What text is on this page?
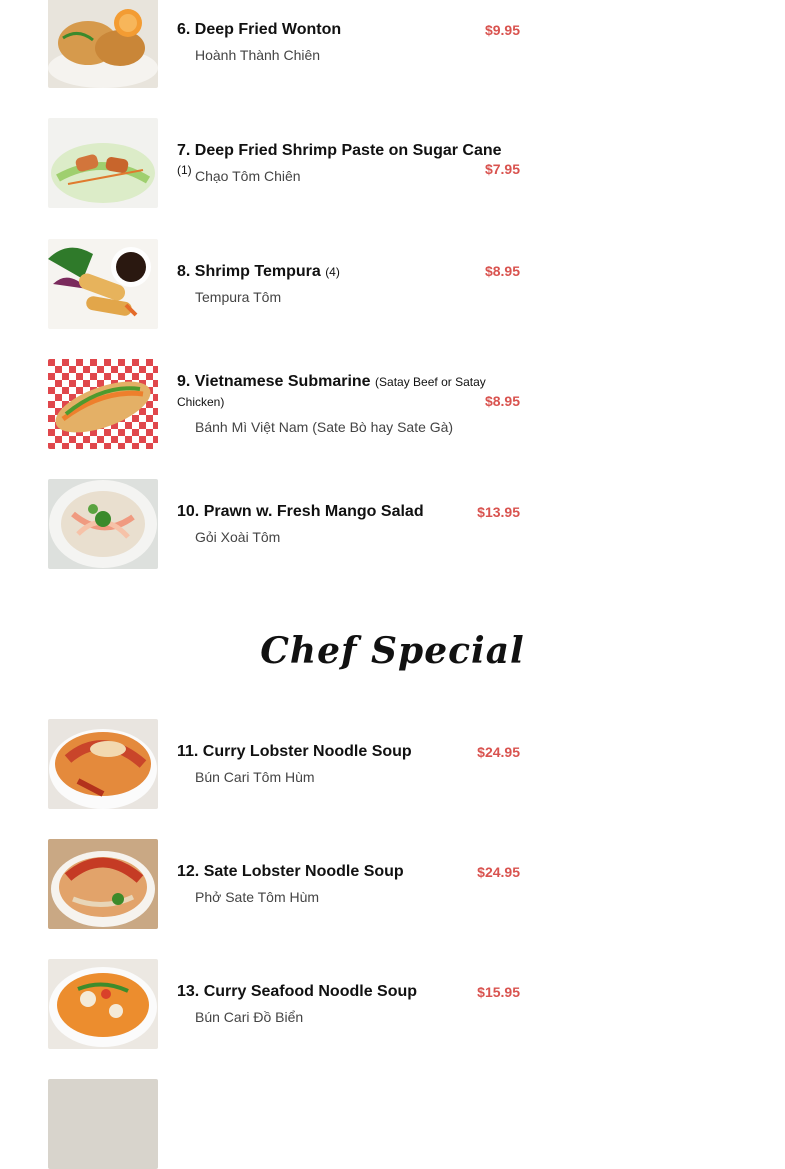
6. Deep Fried Wonton
Hoành Thành Chiên
$9.95
7. Deep Fried Shrimp Paste on Sugar Cane (1) Chạo Tôm Chiên	$7.95
8. Shrimp Tempura (4)
Tempura Tôm
$8.95
9. Vietnamese Submarine (Satay Beef or Satay Chicken)
Bánh Mì Việt Nam (Sate Bò hay Sate Gà)
$8.95
10. Prawn w. Fresh Mango Salad
Gỏi Xoài Tôm
$13.95
Chef Special
11. Curry Lobster Noodle Soup
Bún Cari Tôm Hùm
$24.95
12. Sate Lobster Noodle Soup
Phở Sate Tôm Hùm
$24.95
13. Curry Seafood Noodle Soup
Bún Cari Đồ Biển
$15.95
